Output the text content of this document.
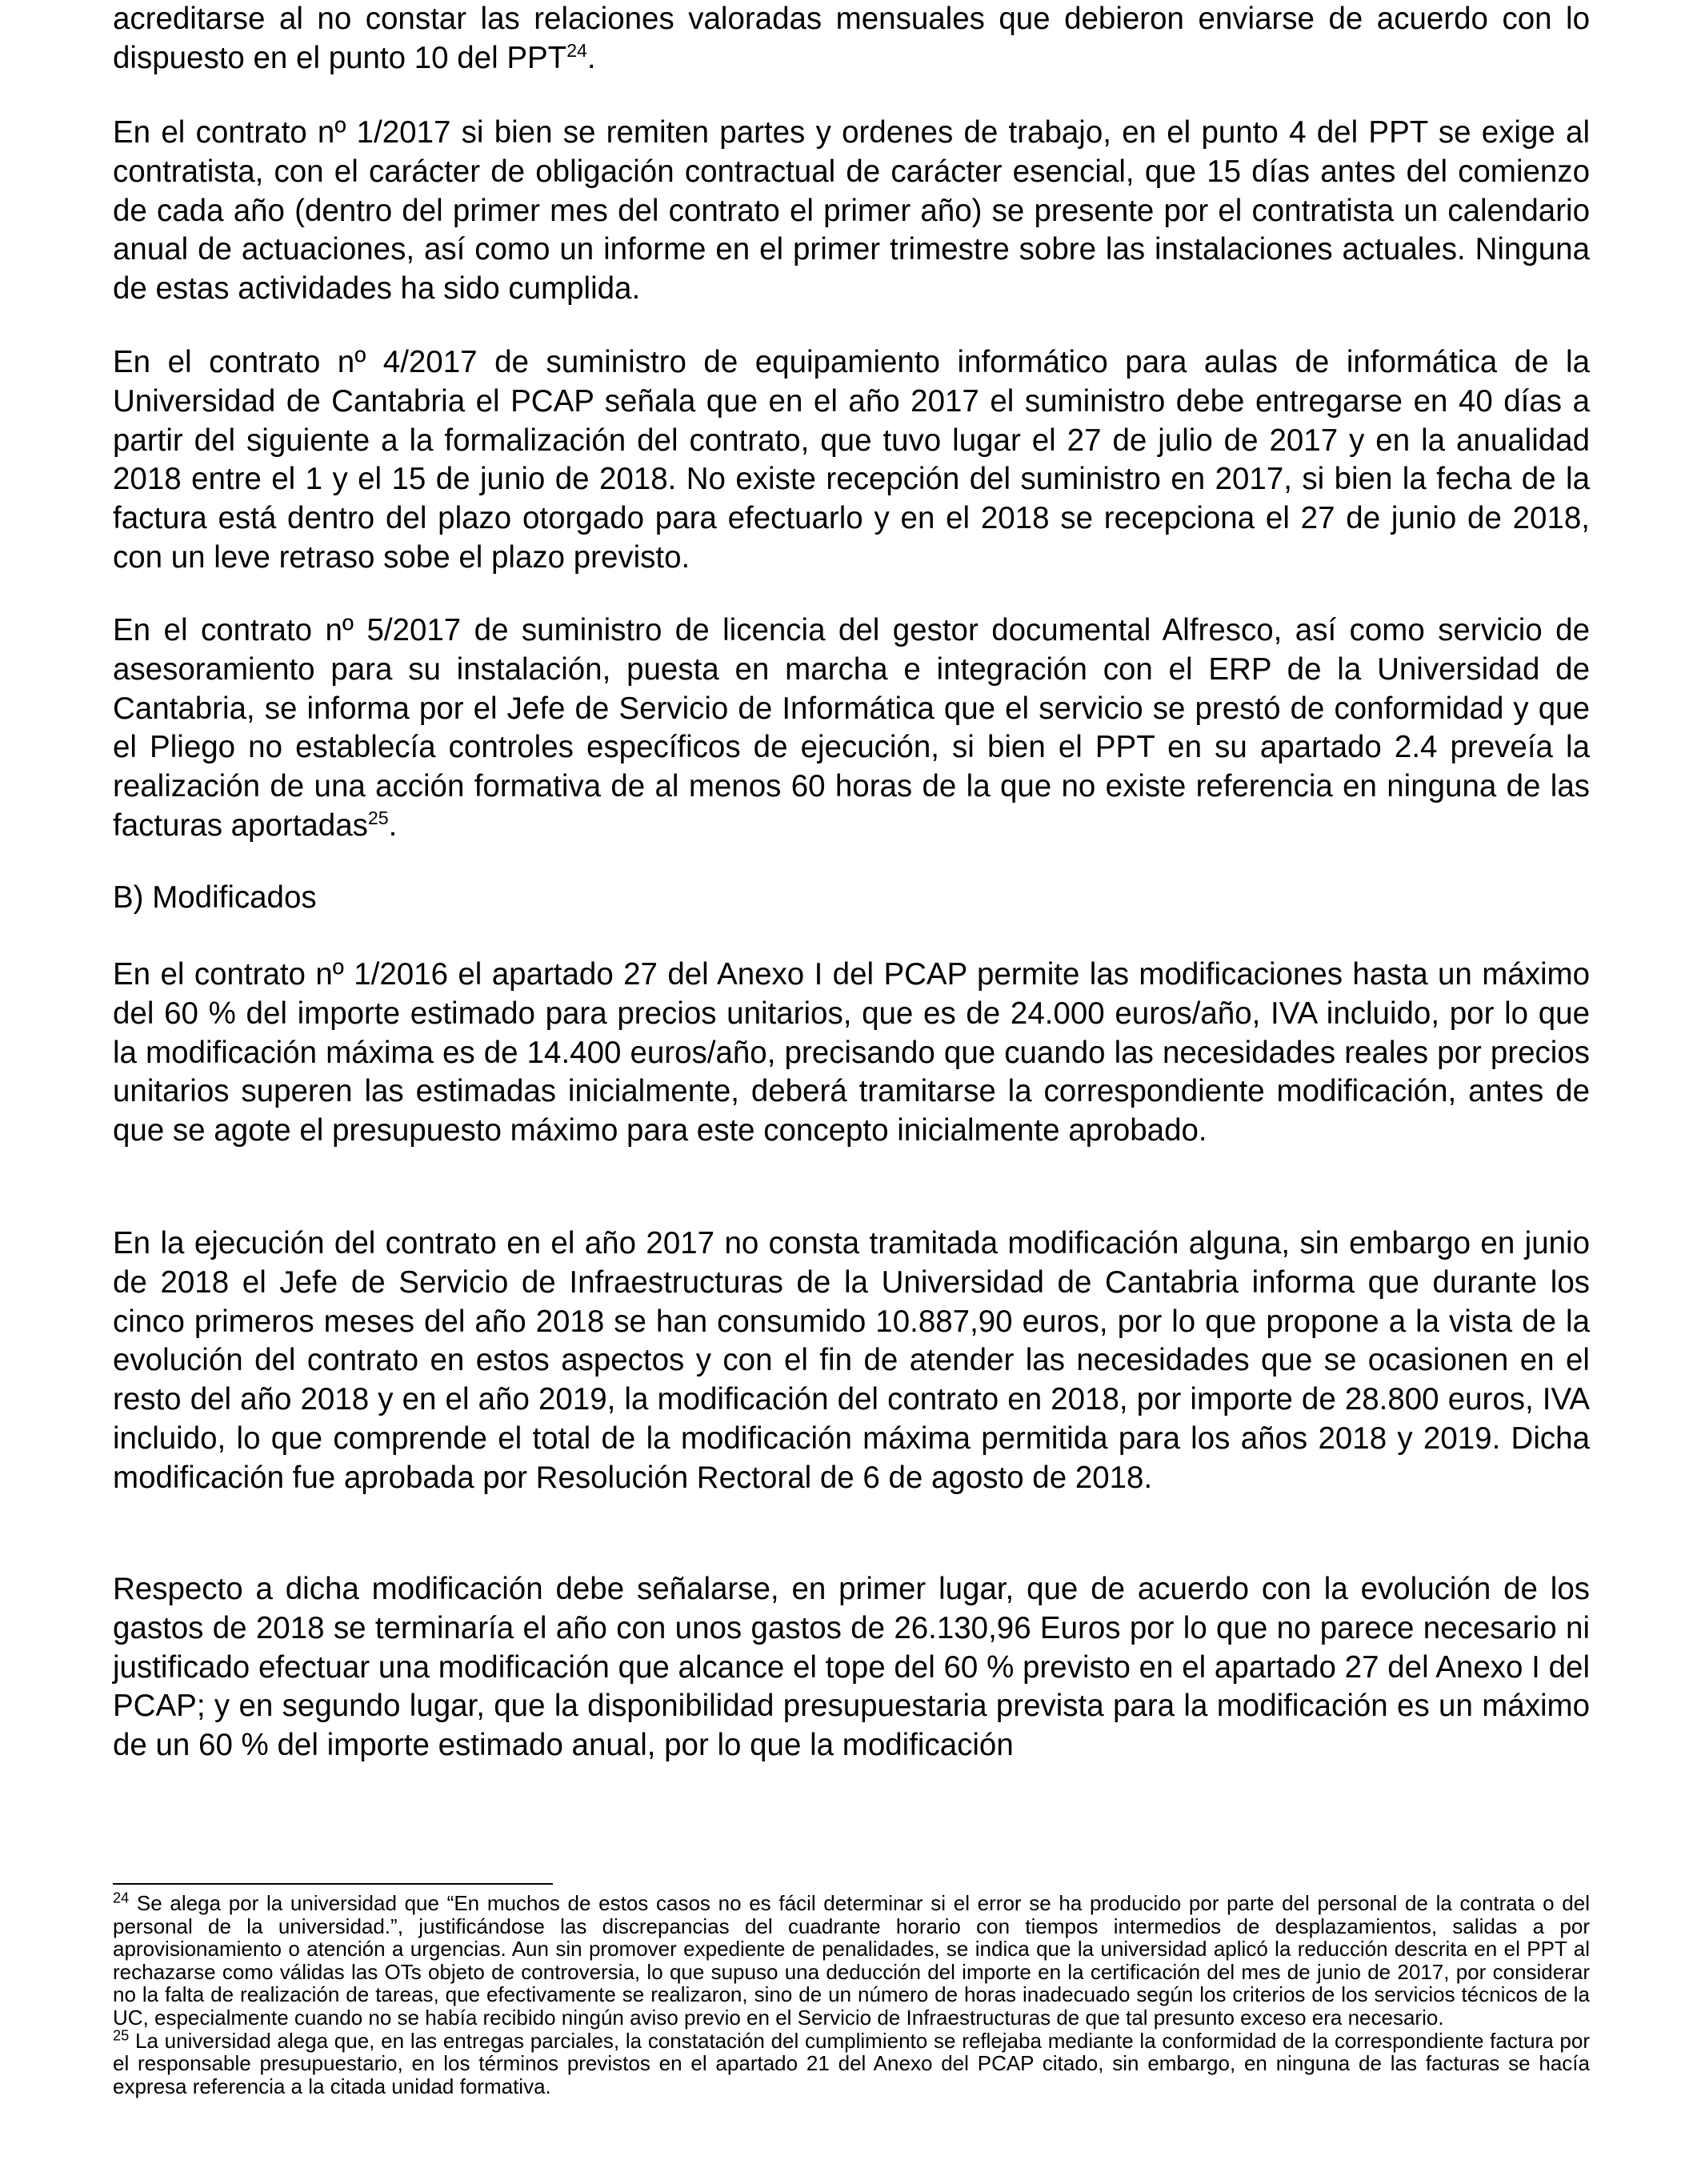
acreditarse al no constar las relaciones valoradas mensuales que debieron enviarse de acuerdo con lo dispuesto en el punto 10 del PPT$^{24}$.

En el contrato nº 1/2017 si bien se remiten partes y ordenes de trabajo, en el punto 4 del PPT se exige al contratista, con el carácter de obligación contractual de carácter esencial, que 15 días antes del comienzo de cada año (dentro del primer mes del contrato el primer año) se presente por el contratista un calendario anual de actuaciones, así como un informe en el primer trimestre sobre las instalaciones actuales. Ninguna de estas actividades ha sido cumplida.

En el contrato nº 4/2017 de suministro de equipamiento informático para aulas de informática de la Universidad de Cantabria el PCAP señala que en el año 2017 el suministro debe entregarse en 40 días a partir del siguiente a la formalización del contrato, que tuvo lugar el 27 de julio de 2017 y en la anualidad 2018 entre el 1 y el 15 de junio de 2018. No existe recepción del suministro en 2017, si bien la fecha de la factura está dentro del plazo otorgado para efectuarlo y en el 2018 se recepciona el 27 de junio de 2018, con un leve retraso sobe el plazo previsto.

En el contrato nº 5/2017 de suministro de licencia del gestor documental Alfresco, así como servicio de asesoramiento para su instalación, puesta en marcha e integración con el ERP de la Universidad de Cantabria, se informa por el Jefe de Servicio de Informática que el servicio se prestó de conformidad y que el Pliego no establecía controles específicos de ejecución, si bien el PPT en su apartado 2.4 preveía la realización de una acción formativa de al menos 60 horas de la que no existe referencia en ninguna de las facturas aportadas$^{25}$.

B) Modificados

En el contrato nº 1/2016 el apartado 27 del Anexo I del PCAP permite las modificaciones hasta un máximo del 60 % del importe estimado para precios unitarios, que es de 24.000 euros/año, IVA incluido, por lo que la modificación máxima es de 14.400 euros/año, precisando que cuando las necesidades reales por precios unitarios superen las estimadas inicialmente, deberá tramitarse la correspondiente modificación, antes de que se agote el presupuesto máximo para este concepto inicialmente aprobado.

En la ejecución del contrato en el año 2017 no consta tramitada modificación alguna, sin embargo en junio de 2018 el Jefe de Servicio de Infraestructuras de la Universidad de Cantabria informa que durante los cinco primeros meses del año 2018 se han consumido 10.887,90 euros, por lo que propone a la vista de la evolución del contrato en estos aspectos y con el fin de atender las necesidades que se ocasionen en el resto del año 2018 y en el año 2019, la modificación del contrato en 2018, por importe de 28.800 euros, IVA incluido, lo que comprende el total de la modificación máxima permitida para los años 2018 y 2019. Dicha modificación fue aprobada por Resolución Rectoral de 6 de agosto de 2018.

Respecto a dicha modificación debe señalarse, en primer lugar, que de acuerdo con la evolución de los gastos de 2018 se terminaría el año con unos gastos de 26.130,96 Euros por lo que no parece necesario ni justificado efectuar una modificación que alcance el tope del 60 % previsto en el apartado 27 del Anexo I del PCAP; y en segundo lugar, que la disponibilidad presupuestaria prevista para la modificación es un máximo de un 60 % del importe estimado anual, por lo que la modificación

$^{24}$ Se alega por la universidad que “En muchos de estos casos no es fácil determinar si el error se ha producido por parte del personal de la contrata o del personal de la universidad.”, justificándose las discrepancias del cuadrante horario con tiempos intermedios de desplazamientos, salidas a por aprovisionamiento o atención a urgencias. Aun sin promover expediente de penalidades, se indica que la universidad aplicó la reducción descrita en el PPT al rechazarse como válidas las OTs objeto de controversia, lo que supuso una deducción del importe en la certificación del mes de junio de 2017, por considerar no la falta de realización de tareas, que efectivamente se realizaron, sino de un número de horas inadecuado según los criterios de los servicios técnicos de la UC, especialmente cuando no se había recibido ningún aviso previo en el Servicio de Infraestructuras de que tal presunto exceso era necesario.

$^{25}$ La universidad alega que, en las entregas parciales, la constatación del cumplimiento se reflejaba mediante la conformidad de la correspondiente factura por el responsable presupuestario, en los términos previstos en el apartado 21 del Anexo del PCAP citado, sin embargo, en ninguna de las facturas se hacía expresa referencia a la citada unidad formativa.
